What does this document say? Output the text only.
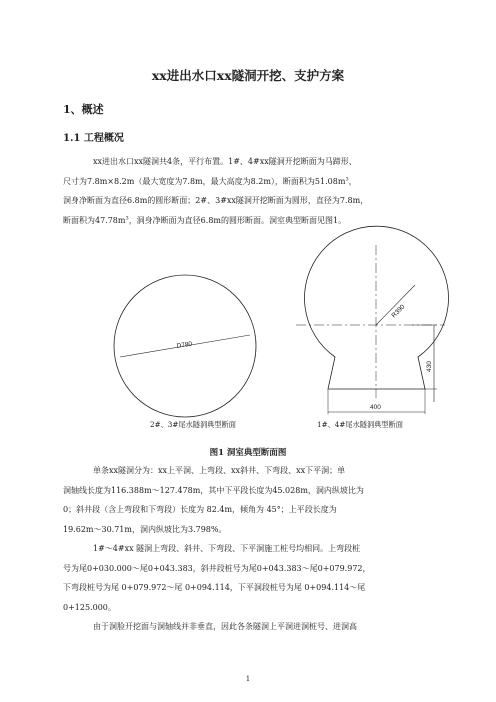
xx进出水口xx隧洞开挖、支护方案
1、概述
1.1 工程概况

xx进出水口xx隧洞共4条，平行布置。1#、4#xx隧洞开挖断面为马蹄形、
尺寸为7.8m×8.2m（最大宽度为7.8m，最大高度为8.2m），断面积为$51.08m^3$，
洞身净断面为直径6.8m的圆形断面；2#、3#xx隧洞开挖断面为圆形，直径为7.8m，
断面积为$47.78m^3$，洞身净断面为直径6.8m的圆形断面。洞室典型断面见图1。

D780
R390
400
430
2#、3#尾水隧洞典型断面	1#、4#尾水隧洞典型断面
图1 洞室典型断面图

单条xx隧洞分为：xx上平洞、上弯段、xx斜井、下弯段、xx下平洞；单
洞轴线长度为116.388m～127.478m，其中下平段长度为45.028m，洞内纵坡比为
0；斜井段（含上弯段和下弯段）长度为 82.4m，倾角为 45°；上平段长度为
19.62m～30.71m，洞内纵坡比为3.798%。

1#～4#xx 隧洞上弯段、斜井、下弯段、下平洞施工桩号均相同。上弯段桩
号为尾0+030.000～尾0+043.383，斜井段桩号为尾0+043.383～尾0+079.972，
下弯段桩号为尾 0+079.972～尾 0+094.114，下平洞段桩号为尾 0+094.114～尾
0+125.000。

由于洞脸开挖面与洞轴线并非垂直，因此各条隧洞上平洞进洞桩号、进洞高

1
